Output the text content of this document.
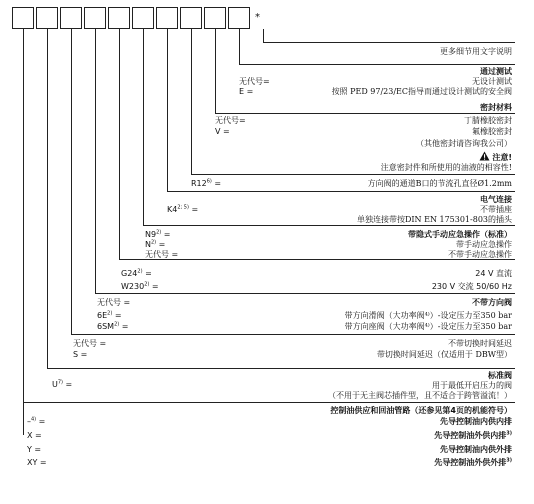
*
更多细节用文字说明
通过测试
无代号=	无设计测试
E =	按照 PED 97/23/EC指导而通过设计测试的安全阀
密封材料
无代号=	丁腈橡胶密封
V =	氟橡胶密封
（其他密封请咨询我公司）
注意!
注意密封件和所使用的油液的相容性!
$R12^{6)}$ =	方向阀的通道B口的节流孔直径Ø1.2mm
电气连接
$K4^{2; 5)}$ =	不带插座
单独连接带按DIN EN 175301-803的插头
$N9^{2)}$ =	带隐式手动应急操作（标准）
$N^{2)}$ =	带手动应急操作
无代号 =	不带手动应急操作
$G24^{2)}$ =	24 V 直流
$W230^{2)}$ =	230 V 交流 50/60 Hz
无代号 =	不带方向阀
$6E^{2)}$ =	带方向滑阀（大功率阀⁴⁾）-设定压力至350 bar
$6SM^{2)}$ =	带方向座阀（大功率阀⁴⁾）-设定压力至350 bar
无代号 =	不带切换时间延迟
S =	带切换时间延迟（仅适用于 DBW型）
标准阀
$U^{7)}$ =	用于最低开启压力的阀
（不用于无主阀芯插件型，且不适合于跨管溢流！）
控制油供应和回油管路（还参见第4页的机能符号）
–$^{4)}$ =	先导控制油内供内排
X =	先导控制油外供内排$^{3)}$
Y =	先导控制油内供外排
XY =	先导控制油外供外排$^{3)}$
